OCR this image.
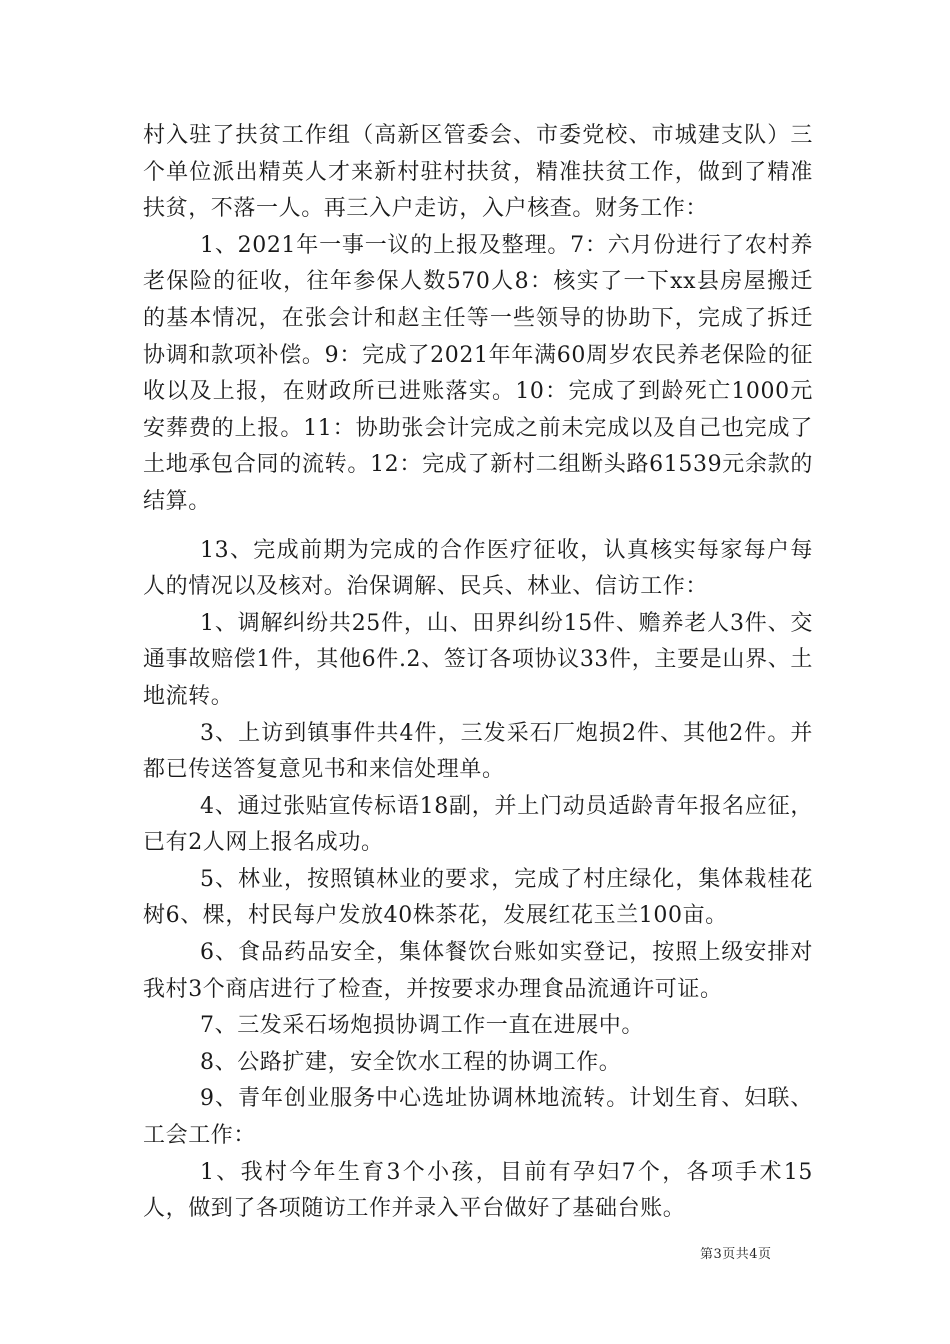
村入驻了扶贫工作组（高新区管委会、市委党校、市城建支队）三个单位派出精英人才来新村驻村扶贫，精准扶贫工作，做到了精准扶贫，不落一人。再三入户走访，入户核查。财务工作：

1、2021年一事一议的上报及整理。7：六月份进行了农村养老保险的征收，往年参保人数570人8：核实了一下xx县房屋搬迁的基本情况，在张会计和赵主任等一些领导的协助下，完成了拆迁协调和款项补偿。9：完成了2021年年满60周岁农民养老保险的征收以及上报，在财政所已进账落实。10：完成了到龄死亡1000元安葬费的上报。11：协助张会计完成之前未完成以及自己也完成了土地承包合同的流转。12：完成了新村二组断头路61539元余款的结算。

13、完成前期为完成的合作医疗征收，认真核实每家每户每人的情况以及核对。治保调解、民兵、林业、信访工作：

1、调解纠纷共25件，山、田界纠纷15件、赡养老人3件、交通事故赔偿1件，其他6件.2、签订各项协议33件，主要是山界、土地流转。

3、上访到镇事件共4件，三发采石厂炮损2件、其他2件。并都已传送答复意见书和来信处理单。

4、通过张贴宣传标语18副，并上门动员适龄青年报名应征，已有2人网上报名成功。

5、林业，按照镇林业的要求，完成了村庄绿化，集体栽桂花树6、棵，村民每户发放40株茶花，发展红花玉兰100亩。

6、食品药品安全，集体餐饮台账如实登记，按照上级安排对我村3个商店进行了检查，并按要求办理食品流通许可证。

7、三发采石场炮损协调工作一直在进展中。

8、公路扩建，安全饮水工程的协调工作。

9、青年创业服务中心选址协调林地流转。计划生育、妇联、工会工作：

1、我村今年生育3个小孩，目前有孕妇7个，各项手术15人，做到了各项随访工作并录入平台做好了基础台账。

第3页共4页
